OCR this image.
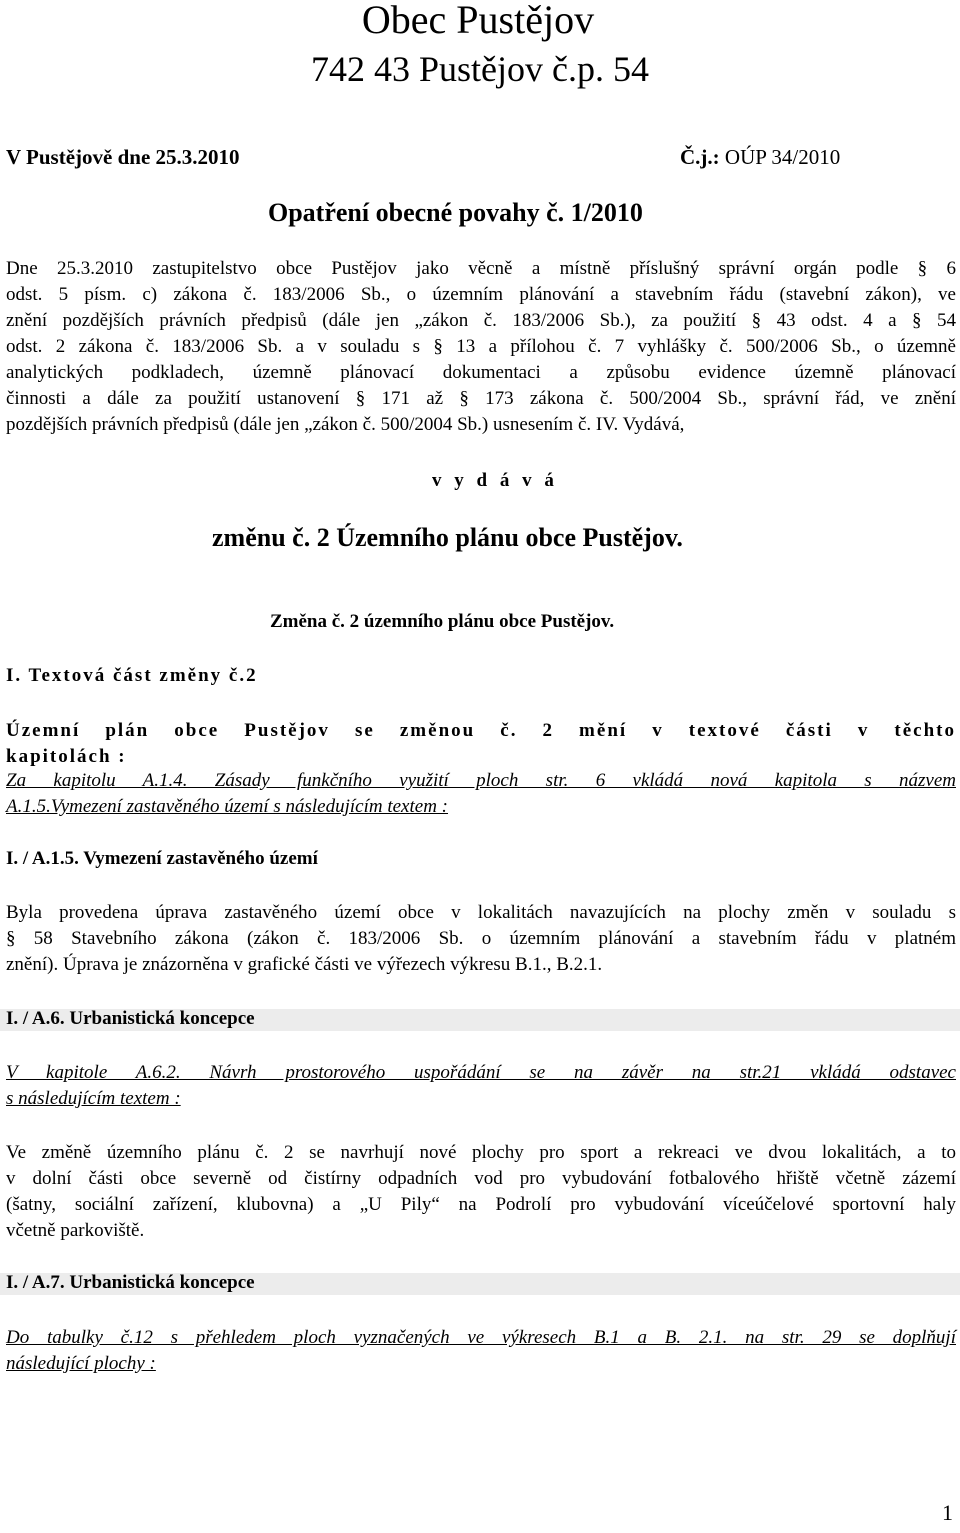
Obec Pustějov
742 43 Pustějov č.p. 54
V Pustějově dne 25.3.2010	Č.j.: OÚP 34/2010
Opatření obecné povahy č. 1/2010
Dne 25.3.2010 zastupitelstvo obce Pustějov jako věcně a místně příslušný správní orgán podle § 6
odst. 5 písm. c) zákona č. 183/2006 Sb., o územním plánování a stavebním řádu (stavební zákon), ve
znění pozdějších právních předpisů (dále jen „zákon č. 183/2006 Sb.), za použití § 43 odst. 4 a § 54
odst. 2 zákona č. 183/2006 Sb. a v souladu s § 13 a přílohou č. 7 vyhlášky č. 500/2006 Sb., o územně
analytických podkladech, územně plánovací dokumentaci a způsobu evidence územně plánovací
činnosti a dále za použití ustanovení § 171 až § 173 zákona č. 500/2004 Sb., správní řád, ve znění
pozdějších právních předpisů (dále jen „zákon č. 500/2004 Sb.) usnesením č. IV. Vydává,
v y d á v á
změnu č. 2 Územního plánu obce Pustějov.
Změna č. 2 územního plánu obce Pustějov.
I. Textová část změny č.2
Územní plán obce Pustějov se změnou č. 2 mění v textové části v těchto
kapitolách :
Za kapitolu A.1.4. Zásady funkčního využití ploch str. 6 vkládá nová kapitola s názvem
A.1.5.Vymezení zastavěného území s následujícím textem :
I. / A.1.5. Vymezení zastavěného území
Byla provedena úprava zastavěného území obce v lokalitách navazujících na plochy změn v souladu s
§ 58 Stavebního zákona (zákon č. 183/2006 Sb. o územním plánování a stavebním řádu v platném
znění). Úprava je znázorněna v grafické části ve výřezech výkresu B.1., B.2.1.
I. / A.6. Urbanistická koncepce
V kapitole A.6.2. Návrh prostorového uspořádání se na závěr na str.21 vkládá odstavec
s následujícím textem :
Ve změně územního plánu č. 2 se navrhují nové plochy pro sport a rekreaci ve dvou lokalitách, a to
v dolní části obce severně od čistírny odpadních vod pro vybudování fotbalového hřiště včetně zázemí
(šatny, sociální zařízení, klubovna) a „U Pily“ na Podrolí pro vybudování víceúčelové sportovní haly
včetně parkoviště.
I. / A.7. Urbanistická koncepce
Do tabulky č.12 s přehledem ploch vyznačených ve výkresech B.1 a B. 2.1. na str. 29 se doplňují
následující plochy :
1
